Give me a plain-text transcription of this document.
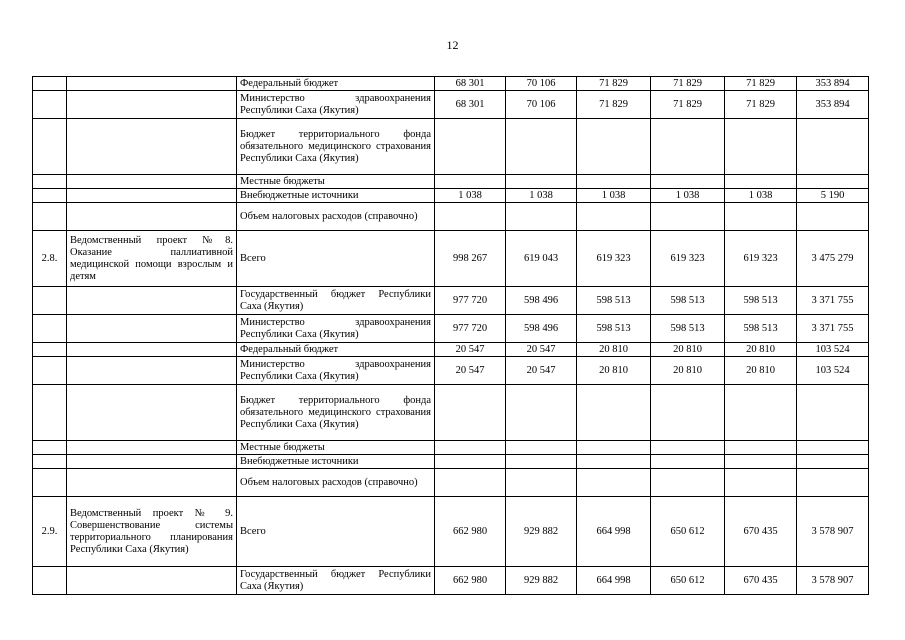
12
		Федеральный бюджет	68 301	70 106	71 829	71 829	71 829	353 894
		Министерство здравоохранения Республики Саха (Якутия)	68 301	70 106	71 829	71 829	71 829	353 894
		Бюджет территориального фонда обязательного медицинского страхования Республики Саха (Якутия)						
		Местные бюджеты						
		Внебюджетные источники	1 038	1 038	1 038	1 038	1 038	5 190
		Объем налоговых расходов (справочно)						
2.8.	Ведомственный проект №8. Оказание паллиативной медицинской помощи взрослым и детям	Всего	998 267	619 043	619 323	619 323	619 323	3 475 279
		Государственный бюджет Республики Саха (Якутия)	977 720	598 496	598 513	598 513	598 513	3 371 755
		Министерство здравоохранения Республики Саха (Якутия)	977 720	598 496	598 513	598 513	598 513	3 371 755
		Федеральный бюджет	20 547	20 547	20 810	20 810	20 810	103 524
		Министерство здравоохранения Республики Саха (Якутия)	20 547	20 547	20 810	20 810	20 810	103 524
		Бюджет территориального фонда обязательного медицинского страхования Республики Саха (Якутия)						
		Местные бюджеты						
		Внебюджетные источники						
		Объем налоговых расходов (справочно)						
2.9.	Ведомственный проект № 9. Совершенствование системы территориального планирования Республики Саха (Якутия)	Всего	662 980	929 882	664 998	650 612	670 435	3 578 907
		Государственный бюджет Республики Саха (Якутия)	662 980	929 882	664 998	650 612	670 435	3 578 907
